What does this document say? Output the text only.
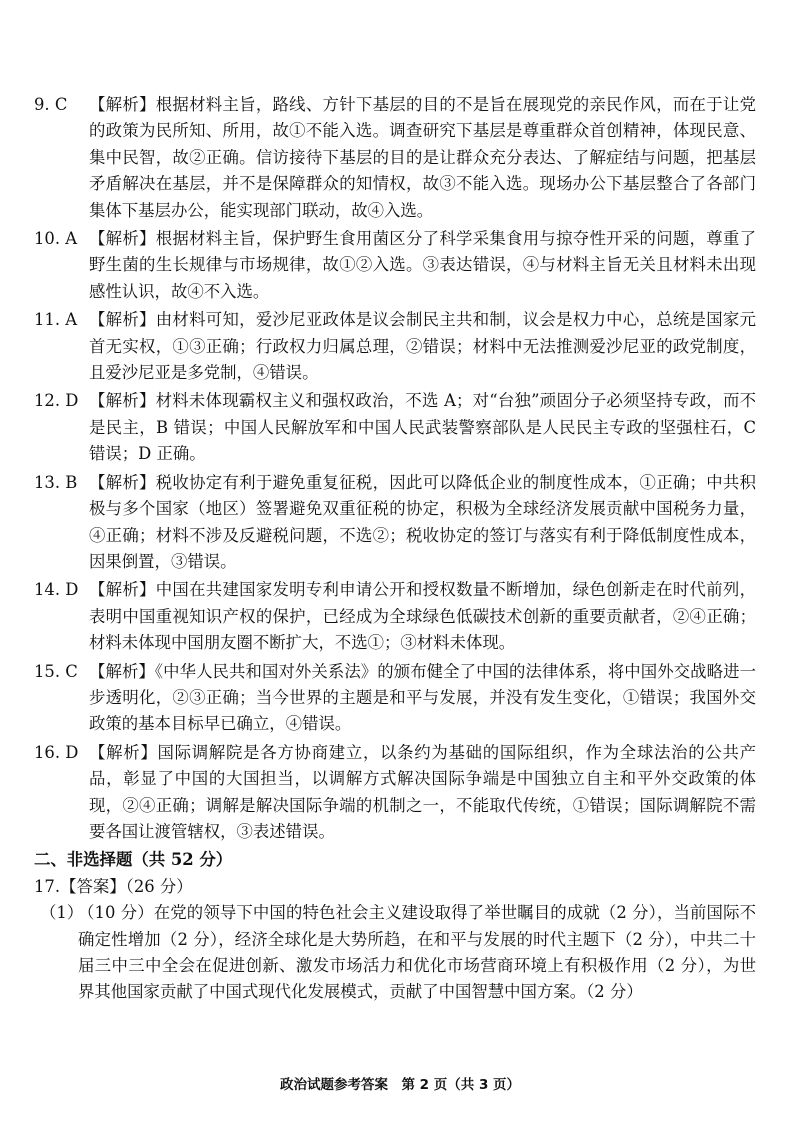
9. C 【解析】根据材料主旨，路线、方针下基层的目的不是旨在展现党的亲民作风，而在于让党的政策为民所知、所用，故①不能入选。调查研究下基层是尊重群众首创精神，体现民意、集中民智，故②正确。信访接待下基层的目的是让群众充分表达、了解症结与问题，把基层矛盾解决在基层，并不是保障群众的知情权，故③不能入选。现场办公下基层整合了各部门集体下基层办公，能实现部门联动，故④入选。
10. A 【解析】根据材料主旨，保护野生食用菌区分了科学采集食用与掠夺性开采的问题，尊重了野生菌的生长规律与市场规律，故①②入选。③表达错误，④与材料主旨无关且材料未出现感性认识，故④不入选。
11. A 【解析】由材料可知，爱沙尼亚政体是议会制民主共和制，议会是权力中心，总统是国家元首无实权，①③正确；行政权力归属总理，②错误；材料中无法推测爱沙尼亚的政党制度，且爱沙尼亚是多党制，④错误。
12. D 【解析】材料未体现霸权主义和强权政治，不选 A；对“台独”顽固分子必须坚持专政，而不是民主，B 错误；中国人民解放军和中国人民武装警察部队是人民民主专政的坚强柱石，C 错误；D 正确。
13. B 【解析】税收协定有利于避免重复征税，因此可以降低企业的制度性成本，①正确；中共积极与多个国家（地区）签署避免双重征税的协定，积极为全球经济发展贡献中国税务力量，④正确；材料不涉及反避税问题，不选②；税收协定的签订与落实有利于降低制度性成本，因果倒置，③错误。
14. D 【解析】中国在共建国家发明专利申请公开和授权数量不断增加，绿色创新走在时代前列，表明中国重视知识产权的保护，已经成为全球绿色低碳技术创新的重要贡献者，②④正确；材料未体现中国朋友圈不断扩大，不选①；③材料未体现。
15. C 【解析】《中华人民共和国对外关系法》的颁布健全了中国的法律体系，将中国外交战略进一步透明化，②③正确；当今世界的主题是和平与发展，并没有发生变化，①错误；我国外交政策的基本目标早已确立，④错误。
16. D 【解析】国际调解院是各方协商建立，以条约为基础的国际组织，作为全球法治的公共产品，彰显了中国的大国担当，以调解方式解决国际争端是中国独立自主和平外交政策的体现，②④正确；调解是解决国际争端的机制之一，不能取代传统，①错误；国际调解院不需要各国让渡管辖权，③表述错误。
二、非选择题（共 52 分）
17.【答案】（26 分）
（1）
（10 分）在党的领导下中国的特色社会主义建设取得了举世瞩目的成就（2 分），当前国际不确定性增加（2 分），经济全球化是大势所趋，在和平与发展的时代主题下（2 分），中共二十届三中三中全会在促进创新、激发市场活力和优化市场营商环境上有积极作用（2 分），为世界其他国家贡献了中国式现代化发展模式，贡献了中国智慧中国方案。（2 分）
政治试题参考答案　第 2 页（共 3 页）
